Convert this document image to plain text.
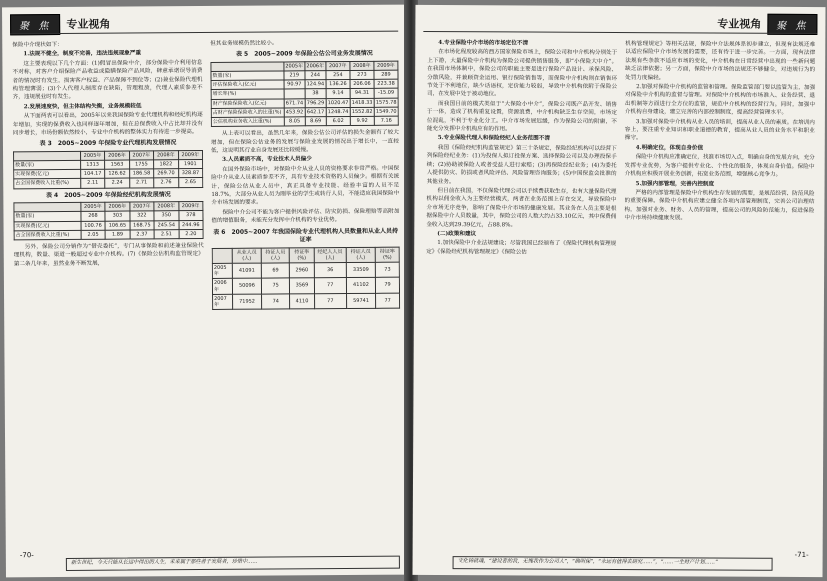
聚 焦	专业视角

保险中介现状如下：

1.法规不健全，制度不完善，违法违规现象严重

这主要表现以下几个方面：(1)假冒出保险中介，部分保险中介利用信息不对称，对客户介绍保险产品收益或隐瞒保险产品风险，肆意承诺误导消费者的情况时有发生，损害客户权益、产品保障不到位等；(2)兼业保险代理机构管理薄弱；(3)个人代理人制度存在缺陷，管理粗放，代理人素质参差不齐，违规展业时有发生。

2.发展速度快，但主体结构失衡，业务规模较低

从下面两表可以看出，2005年以来我国保险专业代理机构和经纪机构逐年增加，实现的保费收入也同样逐年增加，但在总保费收入中占比却并没有同步增长，市场份额依然较小，专业中介机构的整体实力有待进一步提高。

表 3　2005~2009 年保险专业代理机构发展情况
	2005年	2006年	2007年	2008年	2009年
数量(家)	1313	1563	1755	1822	1901
实现保费(亿元)	104.17	126.62	186.58	269.70	328.87
占全国保费收入比重(%)	2.11	2.24	2.71	2.76	2.65
表 4　2005~2009 年保险经纪机构发展情况
	2005年	2006年	2007年	2008年	2009年
数量(家)	268	303	322	350	378
实现保费(亿元)	100.76	106.65	168.75	245.54	244.96
占全国保费收入比重(%)	2.05	1.89	2.37	2.51	2.20

另外，保险公司分销作为“借壳委托”，专门从事保险和前述兼业保险代理机构，数量、渠道一般超过专业中介机构。(7)《保险公估机构监管规定》第二条几年来，虽然业务不断发展，

但其业务规模仍然比较小。

表 5　2005~2009 年保险公估公司业务发展情况
	2005年	2006年	2007年	2008年	2009年
数量(家)	219	244	254	273	289
评估保险收入(亿元)	90.97	124.94	136.26	206.06	223.38
增长率(%)		38	9.14	94.31	-15.09
财产保险保险收入(亿元)	671.74	796.29	1020.47	1418.33	1575.78
占财产保险保险收入的比重(%)	453.92	642.17	1248.74	1552.82	1549.70
公估机构业务收入比重(%)	8.05	8.69	6.02	9.92	7.16

从上表可以看出，虽然几年来，保险公估公司评估的损失金额有了较大增加，但在保险公估业务的发展与保险业发展的情况出于增长中，一直较低，这说明其行业自身发展还比较缓慢。

3.人员素质不高，专业技术人员偏少

在国外保险市场中，对保险中介从业人员的资格要求非常严格。中国保险中介从业人员素质参差不齐，具有专业技术资格的人员偏少。根据有关统计，保险公估从业人员中，真正具备专业技能、经验丰富的人员不足18.7%，大部分从业人员为刚毕业的学生或转行人员，不能适应我国保险中介市场发展的要求。

保险中介公司不能为客户提供风险评估、防灾防损、保险理赔等高附加值的增值服务，未能充分发挥中介机构的专业优势。

表 6　2005~2007 年我国保险专业代理机构人员数量和从业人员持证率
	从业人员(人)	持证人员(人)	持证率(%)	经纪人人员(人)	持证人员(人)	持证率(%)
2005年	41091	69	2960	36	33509	73
2006年	50096	75	3569	77	41102	79
2007年	71952	74	4110	77	59741	77
-70-
新生世纪，今天只能从长远中得出的人生，未来属于那些善于发展者，珍惜中……
专业视角	聚 焦

4.专业保险中介市场的市场定位不清

在市场化程度较高的西方国家保险市场上，保险公司和中介机构分别处于上下游，大量保险中介机构为保险公司提供销售服务，即“小保险大中介”。在我国市场体制中，保险公司的职能主要是进行保险产品设计、承保风险、分散风险，并兼顾资金运用、银行保险销售等，而保险中介机构则在销售环节处于不利地位，缺少话语权，定价能力较弱，导致中介机构依附于保险公司，在发展中处于被动地位。

而我国目前的模式类似于“大保险小中介”，保险公司既产品开发、销售于一体，造成了机构重复设置，资源浪费，中介机构缺乏生存空间，市场定位混乱，不利于专业化分工。中介市场发展迟缓，作为保险公司的附庸，不能充分发挥中介机构应有的作用。

5.专业保险代理人和保险经纪人业务范围不清

我国《保险经纪机构监管规定》第三十条规定，保险经纪机构可以经营下列保险经纪业务：(1)为投保人拟订投保方案、选择保险公司以及办理投保手续；(2)协助被保险人或者受益人进行索赔；(3)再保险经纪业务；(4)为委托人提供防灾、防损或者风险评估、风险管理咨询服务；(5)中国保监会批准的其他业务。

但目前在我国，不仅保险代理公司以手续费获取生存，也有大量保险代理机构以佣金收入为主要经营模式，两者在业务范围上存在交叉，导致保险中介市场无序竞争，影响了保险中介市场的健康发展。其业务在人员主要是根据保险中介人员数量，其中，保险公司的人数大约占33.10亿元，其中保费佣金收入达到29.39亿元，占88.8%。

(二)政策和建议

1.加快保险中介业法规建设；尽管我国已经颁布了《保险代理机构管理规定》《保险经纪机构管理规定》《保险公估

机构管理规定》等相关法规，保险中介法规体系初步建立，但现有法规还难以适应保险中介市场发展的需要，还有待于进一步完善。一方面，现有法律法规有些条款不适应市场的变化，中介机构在日常经营中出现的一些新问题缺乏法律依据；另一方面，保险中介市场的法规还不够健全，对违规行为的处罚力度偏轻。

2.加强对保险中介机构的监管和管理。保险监管部门要以监管为主，加强对保险中介机构的监督与管理。对保险中介机构的市场准入、业务经营、退出机制等方面进行全方位的监管，规范中介机构的经营行为。同时，加强中介机构自身建设，建立完善的内部控制制度，提高经营管理水平。

3.加强对保险中介机构从业人员的培训，提高从业人员的素质。在培训内容上，要注重专业知识和职业道德的教育，提高从业人员的业务水平和职业操守。

4.明确定位，体现自身价值

保险中介机构应准确定位，找准市场切入点，明确自身的发展方向，充分发挥专业优势，为客户提供专业化、个性化的服务，体现自身价值。保险中介机构应积极开展业务创新，拓宽业务范围，增强核心竞争力。

5.加强内部管理，完善内控制度

严格的内部管理是保险中介机构生存发展的需要，是规范经营、防范风险的重要保障。保险中介机构应建立健全各项内部管理制度，完善公司治理结构，加强对业务、财务、人员的管理，提高公司的风险防范能力，促进保险中介市场持续健康发展。

-71-
文化铸就魂，“建设者的我，无愧我作为公司人”，“确明保”，“永远有值得去研究……”，“……一生财产计划……”
